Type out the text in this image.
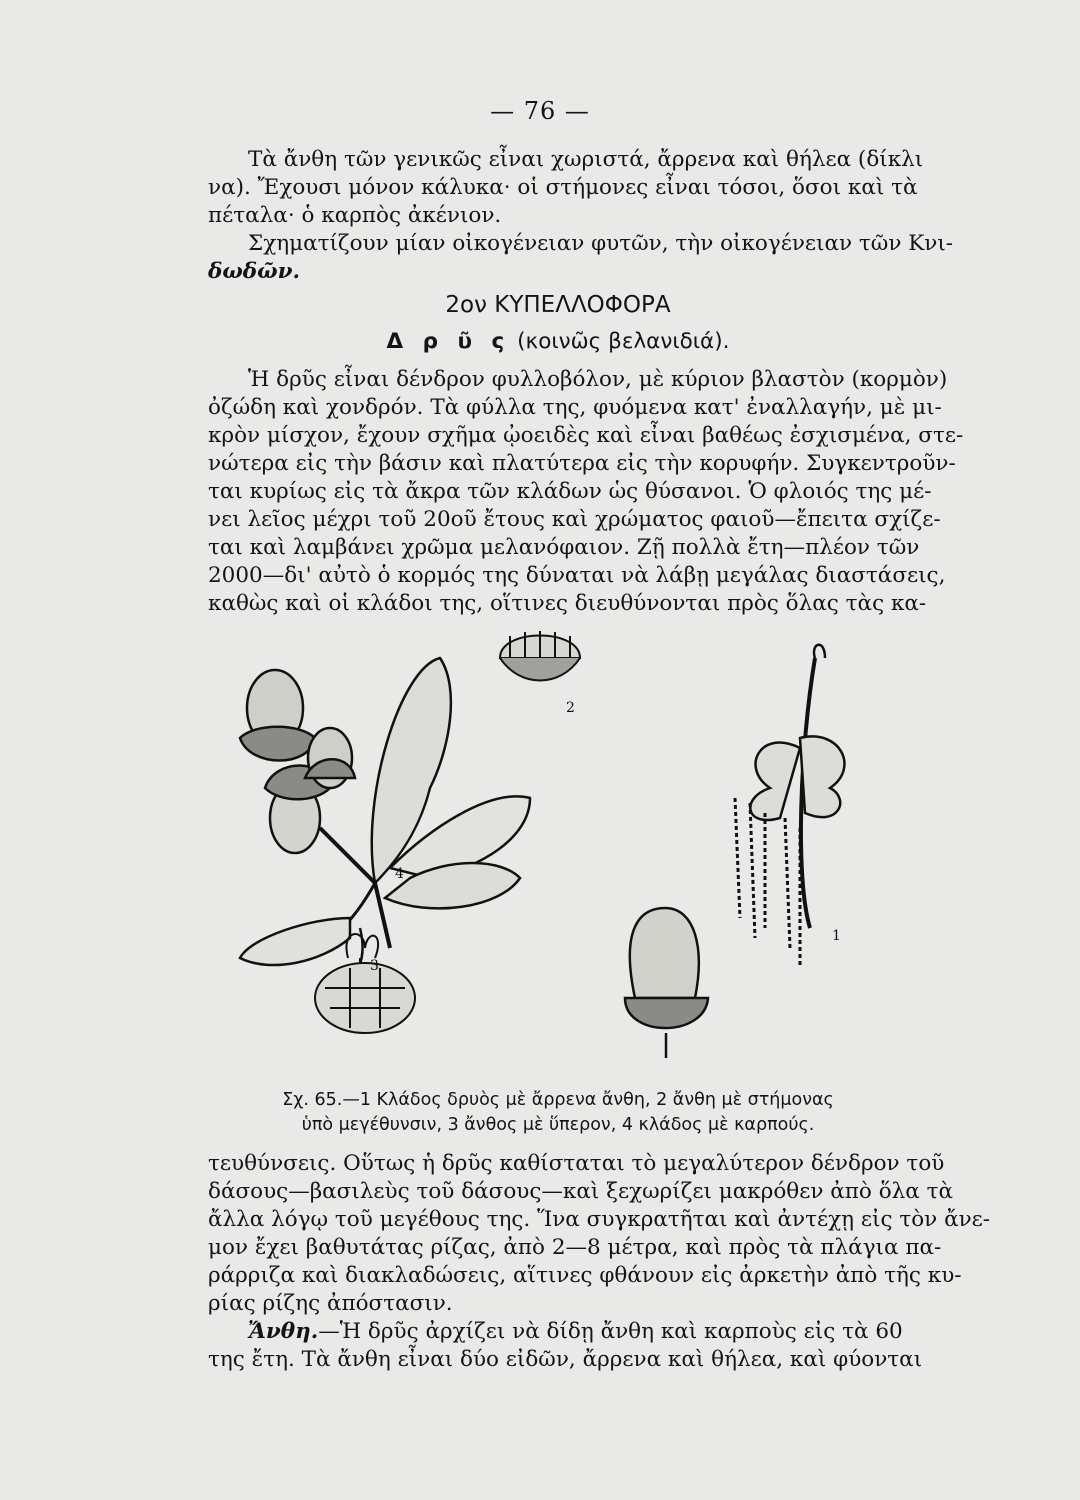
— 76 —
Τὰ ἄνθη τῶν γενικῶς εἶναι χωριστά, ἄρρενα καὶ θήλεα (δίκλι
να). Ἔχουσι μόνον κάλυκα· οἱ στήμονες εἶναι τόσοι, ὅσοι καὶ τὰ
πέταλα· ὁ καρπὸς ἀκένιον.
Σχηματίζουν μίαν οἰκογένειαν φυτῶν, τὴν οἰκογένειαν τῶν Κνι-
δωδῶν.
2ον ΚΥΠΕΛΛΟΦΟΡΑ
Δ ρ ῦ ς (κοινῶς βελανιδιά).
Ἡ δρῦς εἶναι δένδρον φυλλοβόλον, μὲ κύριον βλαστὸν (κορμὸν)
ὀζώδη καὶ χονδρόν. Τὰ φύλλα της, φυόμενα κατ' ἐναλλαγήν, μὲ μι-
κρὸν μίσχον, ἔχουν σχῆμα ᾠοειδὲς καὶ εἶναι βαθέως ἐσχισμένα, στε-
νώτερα εἰς τὴν βάσιν καὶ πλατύτερα εἰς τὴν κορυφήν. Συγκεντροῦν-
ται κυρίως εἰς τὰ ἄκρα τῶν κλάδων ὡς θύσανοι. Ὁ φλοιός της μέ-
νει λεῖος μέχρι τοῦ 20οῦ ἔτους καὶ χρώματος φαιοῦ—ἔπειτα σχίζε-
ται καὶ λαμβάνει χρῶμα μελανόφαιον. Ζῇ πολλὰ ἔτη—πλέον τῶν
2000—δι' αὐτὸ ὁ κορμός της δύναται νὰ λάβῃ μεγάλας διαστάσεις,
καθὼς καὶ οἱ κλάδοι της, οἵτινες διευθύνονται πρὸς ὅλας τὰς κα-
4
2
3
1
Σχ. 65.—1 Κλάδος δρυὸς μὲ ἄρρενα ἄνθη, 2 ἄνθη μὲ στήμονας
ὑπὸ μεγέθυνσιν, 3 ἄνθος μὲ ὕπερον, 4 κλάδος μὲ καρπούς.
τευθύνσεις. Οὕτως ἡ δρῦς καθίσταται τὸ μεγαλύτερον δένδρον τοῦ
δάσους—βασιλεὺς τοῦ δάσους—καὶ ξεχωρίζει μακρόθεν ἀπὸ ὅλα τὰ
ἄλλα λόγῳ τοῦ μεγέθους της. Ἵνα συγκρατῆται καὶ ἀντέχῃ εἰς τὸν ἄνε-
μον ἔχει βαθυτάτας ρίζας, ἀπὸ 2—8 μέτρα, καὶ πρὸς τὰ πλάγια πα-
ράρριζα καὶ διακλαδώσεις, αἵτινες φθάνουν εἰς ἀρκετὴν ἀπὸ τῆς κυ-
ρίας ρίζης ἀπόστασιν.
Ἄνθη.—Ἡ δρῦς ἀρχίζει νὰ δίδῃ ἄνθη καὶ καρποὺς εἰς τὰ 60
της ἔτη. Τὰ ἄνθη εἶναι δύο εἰδῶν, ἄρρενα καὶ θήλεα, καὶ φύονται
